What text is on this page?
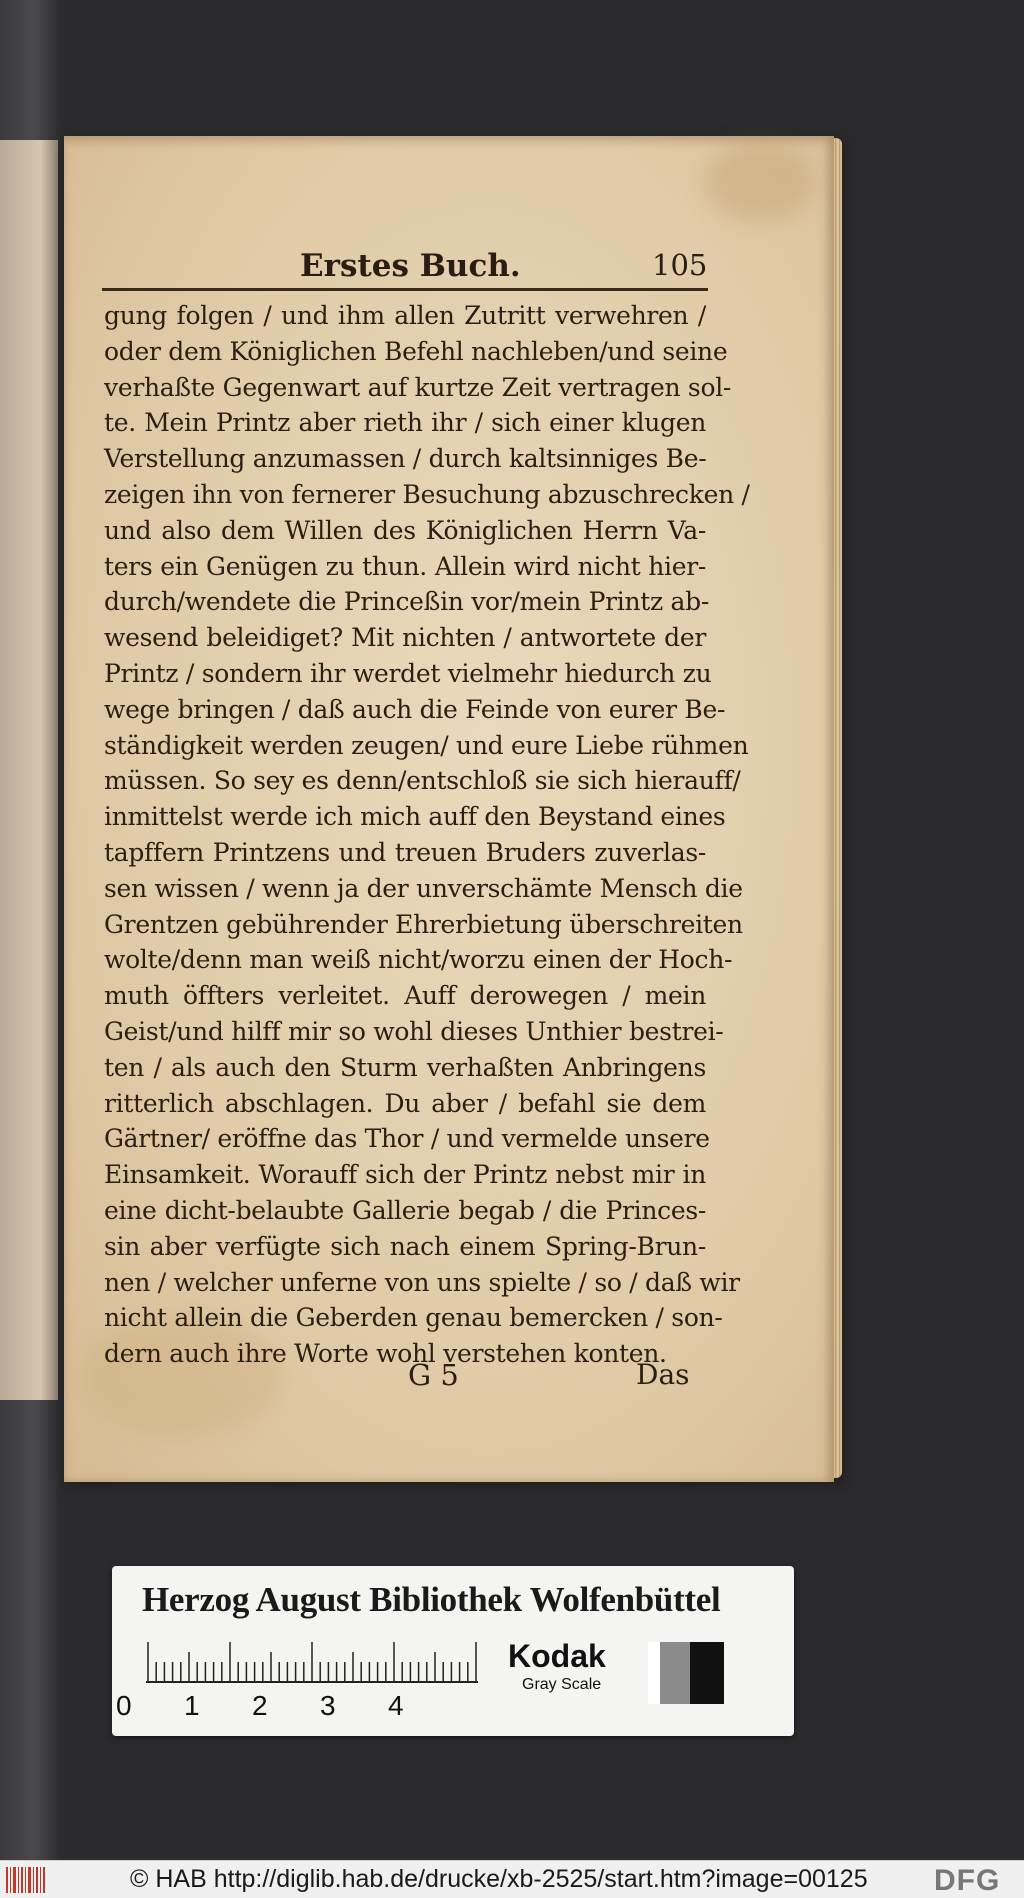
Erstes Buch.	105
gung folgen / und ihm allen Zutritt verwehren /
oder dem Königlichen Befehl nachleben/und seine
verhaßte Gegenwart auf kurtze Zeit vertragen sol-
te. Mein Printz aber rieth ihr / sich einer klugen
Verstellung anzumassen / durch kaltsinniges Be-
zeigen ihn von fernerer Besuchung abzuschrecken /
und also dem Willen des Königlichen Herrn Va-
ters ein Genügen zu thun. Allein wird nicht hier-
durch/wendete die Princeßin vor/mein Printz ab-
wesend beleidiget? Mit nichten / antwortete der
Printz / sondern ihr werdet vielmehr hiedurch zu
wege bringen / daß auch die Feinde von eurer Be-
ständigkeit werden zeugen/ und eure Liebe rühmen
müssen. So sey es denn/entschloß sie sich hierauff/
inmittelst werde ich mich auff den Beystand eines
tapffern Printzens und treuen Bruders zuverlas-
sen wissen / wenn ja der unverschämte Mensch die
Grentzen gebührender Ehrerbietung überschreiten
wolte/denn man weiß nicht/worzu einen der Hoch-
muth öffters verleitet. Auff derowegen / mein
Geist/und hilff mir so wohl dieses Unthier bestrei-
ten / als auch den Sturm verhaßten Anbringens
ritterlich abschlagen. Du aber / befahl sie dem
Gärtner/ eröffne das Thor / und vermelde unsere
Einsamkeit. Worauff sich der Printz nebst mir in
eine dicht-belaubte Gallerie begab / die Princes-
sin aber verfügte sich nach einem Spring-Brun-
nen / welcher unferne von uns spielte / so / daß wir
nicht allein die Geberden genau bemercken / son-
dern auch ihre Worte wohl verstehen konten.
G 5	Das
Herzog August Bibliothek Wolfenbüttel
0	1	2	3	4
Kodak
Gray Scale
© HAB http://diglib.hab.de/drucke/xb-2525/start.htm?image=00125	DFG
